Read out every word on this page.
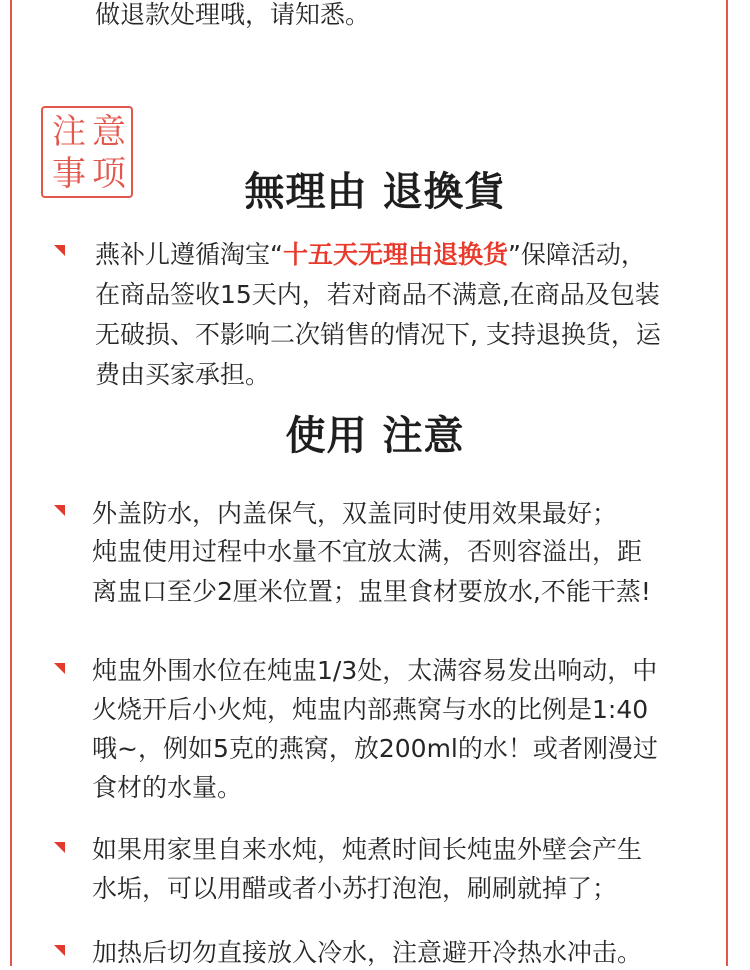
做退款处理哦，请知悉。
注 意
事 项	無理由 退換貨
燕补儿遵循淘宝“十五天无理由退换货”保障活动，
在商品签收15天内，若对商品不满意,在商品及包装
无破损、不影响二次销售的情况下, 支持退换货，运
费由买家承担。
使用 注意
外盖防水，内盖保气，双盖同时使用效果最好；
炖盅使用过程中水量不宜放太满，否则容溢出，距
离盅口至少2厘米位置；盅里食材要放水,不能干蒸!
炖盅外围水位在炖盅1/3处，太满容易发出响动，中
火烧开后小火炖，炖盅内部燕窝与水的比例是1:40
哦~，例如5克的燕窝，放200ml的水！或者刚漫过
食材的水量。
如果用家里自来水炖，炖煮时间长炖盅外壁会产生
水垢，可以用醋或者小苏打泡泡，刷刷就掉了；
加热后切勿直接放入冷水，注意避开冷热水冲击。
